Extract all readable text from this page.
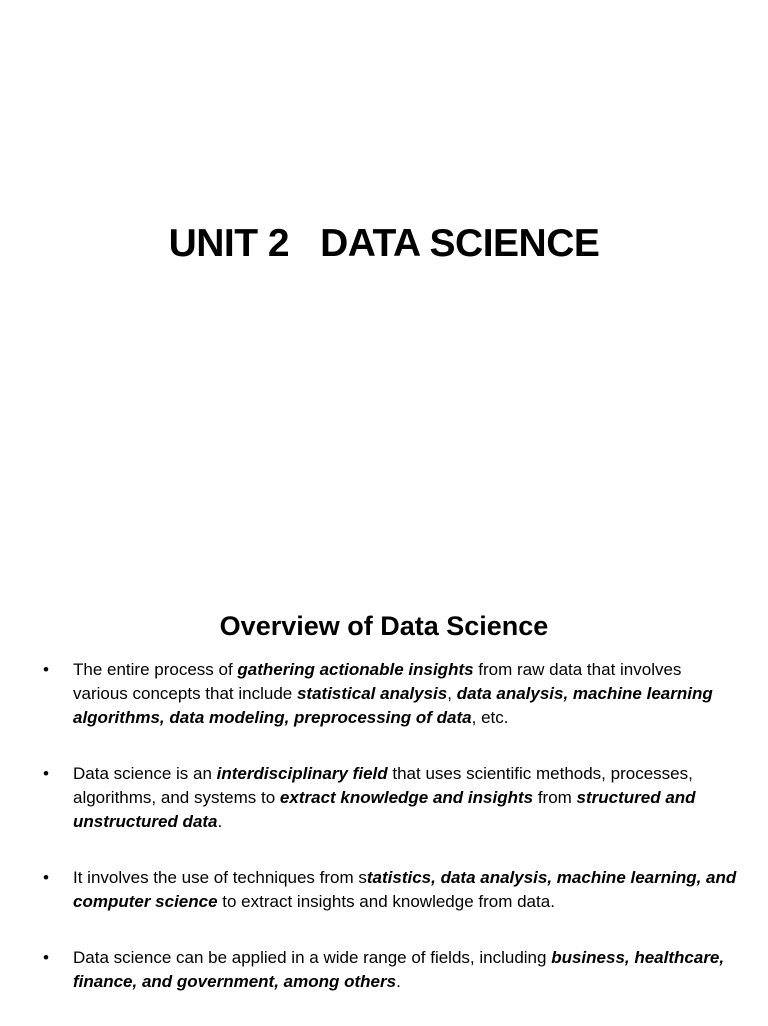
UNIT 2   DATA SCIENCE
Overview of Data Science
• The entire process of gathering actionable insights from raw data that involves various concepts that include statistical analysis, data analysis, machine learning algorithms, data modeling, preprocessing of data, etc.
• Data science is an interdisciplinary field that uses scientific methods, processes, algorithms, and systems to extract knowledge and insights from structured and unstructured data.
• It involves the use of techniques from statistics, data analysis, machine learning, and computer science to extract insights and knowledge from data.
• Data science can be applied in a wide range of fields, including business, healthcare, finance, and government, among others.
